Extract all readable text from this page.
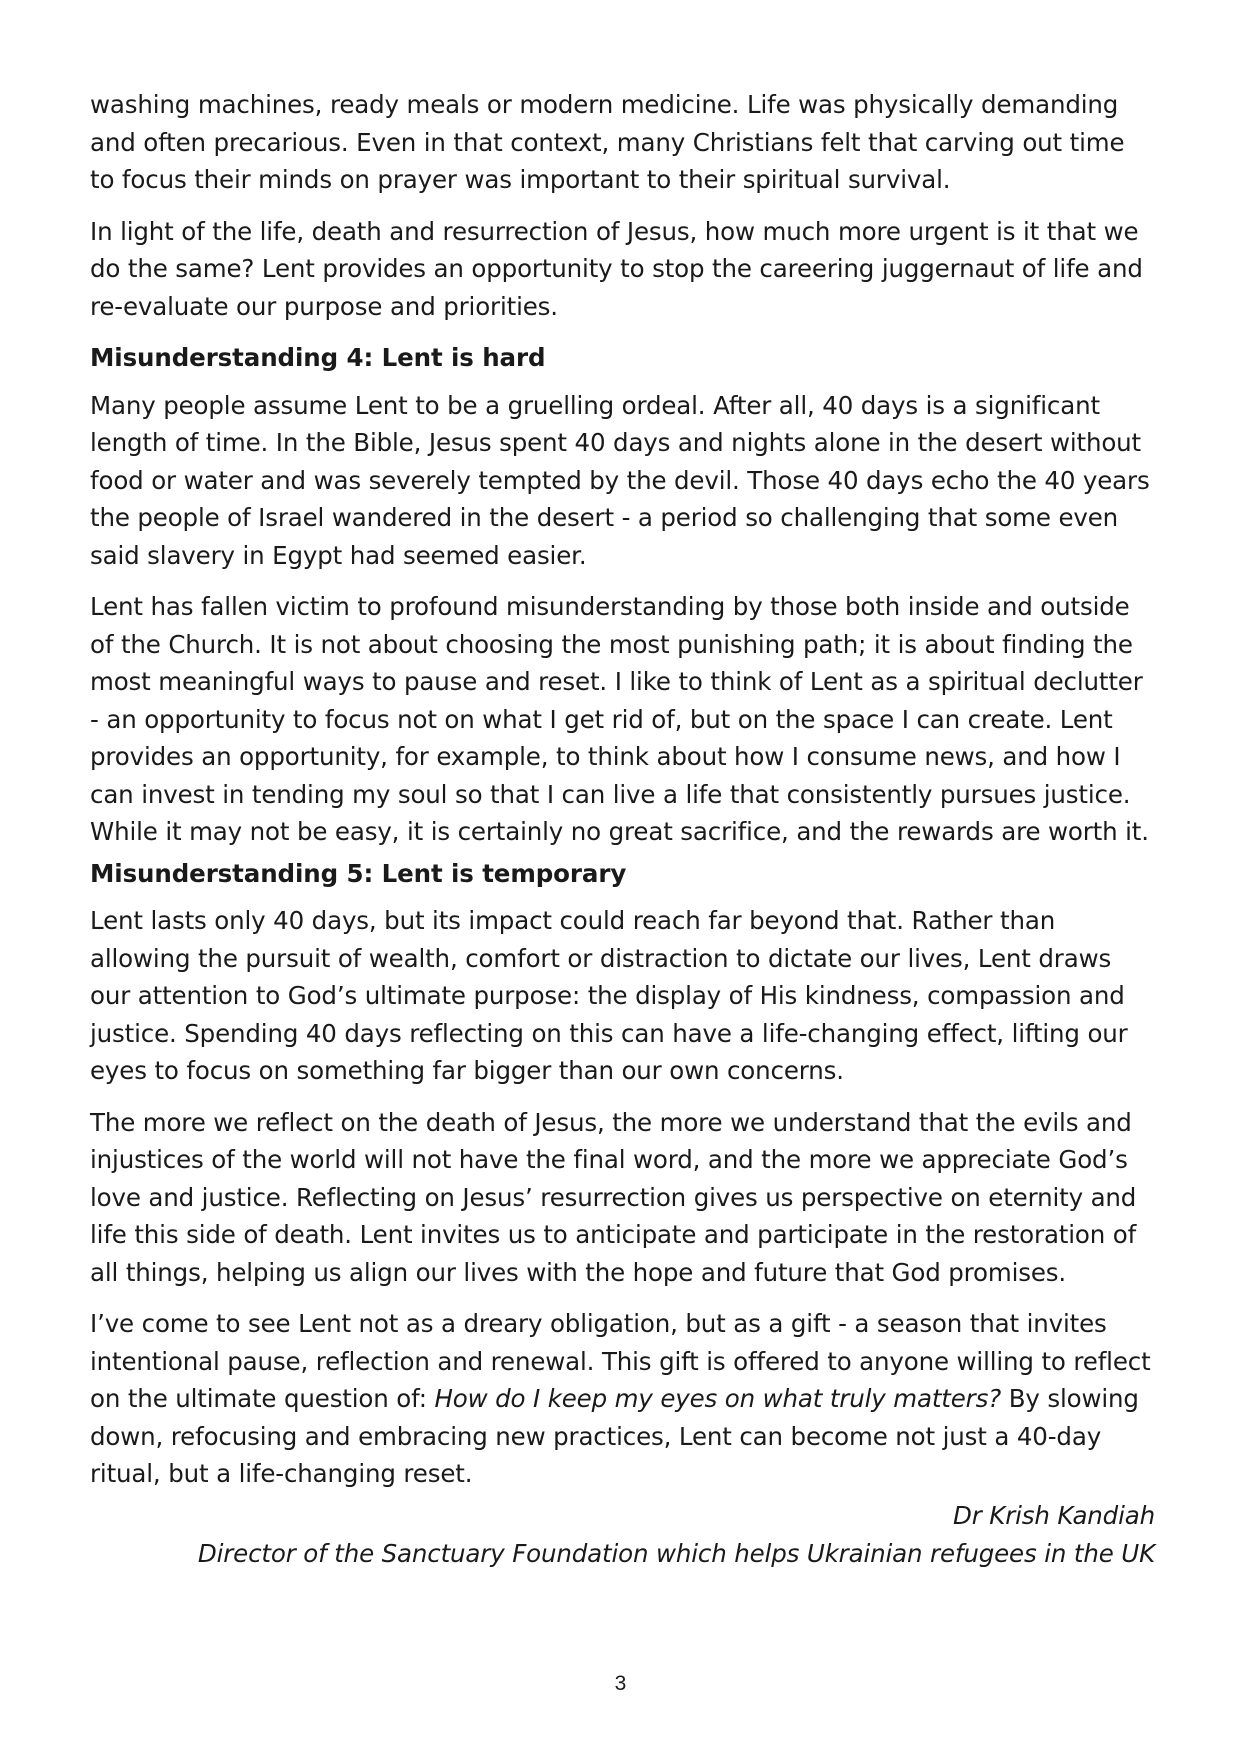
washing machines, ready meals or modern medicine. Life was physically demanding and often precarious. Even in that context, many Christians felt that carving out time to focus their minds on prayer was important to their spiritual survival.

In light of the life, death and resurrection of Jesus, how much more urgent is it that we do the same? Lent provides an opportunity to stop the careering juggernaut of life and re-evaluate our purpose and priorities.

Misunderstanding 4: Lent is hard

Many people assume Lent to be a gruelling ordeal. After all, 40 days is a significant length of time. In the Bible, Jesus spent 40 days and nights alone in the desert without food or water and was severely tempted by the devil. Those 40 days echo the 40 years the people of Israel wandered in the desert - a period so challenging that some even said slavery in Egypt had seemed easier.

Lent has fallen victim to profound misunderstanding by those both inside and outside of the Church. It is not about choosing the most punishing path; it is about finding the most meaningful ways to pause and reset. I like to think of Lent as a spiritual declutter - an opportunity to focus not on what I get rid of, but on the space I can create. Lent provides an opportunity, for example, to think about how I consume news, and how I can invest in tending my soul so that I can live a life that consistently pursues justice. While it may not be easy, it is certainly no great sacrifice, and the rewards are worth it.

Misunderstanding 5: Lent is temporary

Lent lasts only 40 days, but its impact could reach far beyond that. Rather than allowing the pursuit of wealth, comfort or distraction to dictate our lives, Lent draws our attention to God’s ultimate purpose: the display of His kindness, compassion and justice. Spending 40 days reflecting on this can have a life-changing effect, lifting our eyes to focus on something far bigger than our own concerns.

The more we reflect on the death of Jesus, the more we understand that the evils and injustices of the world will not have the final word, and the more we appreciate God’s love and justice. Reflecting on Jesus’ resurrection gives us perspective on eternity and life this side of death. Lent invites us to anticipate and participate in the restoration of all things, helping us align our lives with the hope and future that God promises.

I’ve come to see Lent not as a dreary obligation, but as a gift - a season that invites intentional pause, reflection and renewal. This gift is offered to anyone willing to reflect on the ultimate question of: How do I keep my eyes on what truly matters? By slowing down, refocusing and embracing new practices, Lent can become not just a 40-day ritual, but a life-changing reset.

Dr Krish Kandiah

Director of the Sanctuary Foundation which helps Ukrainian refugees in the UK

3
